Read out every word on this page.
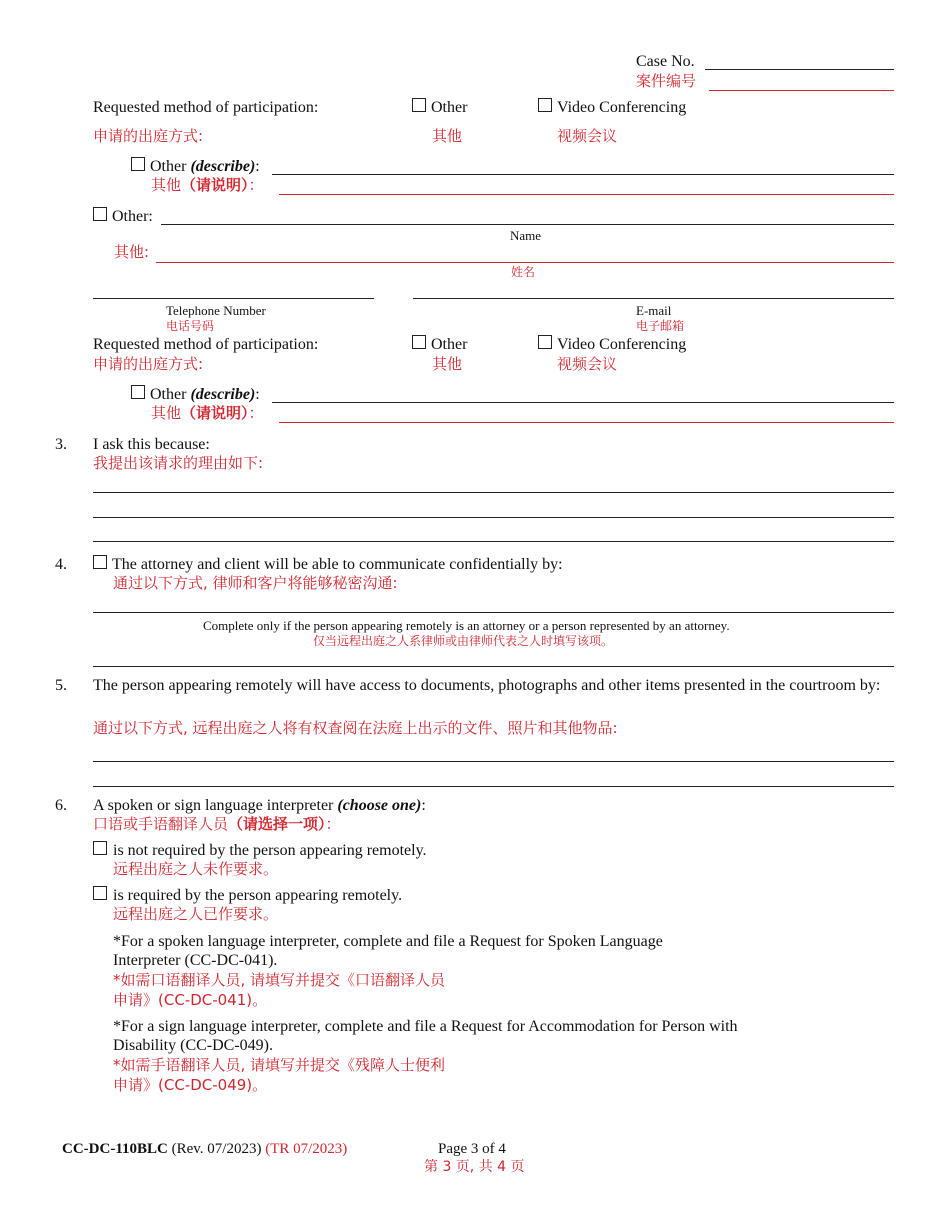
Case No.
案件编号
Requested method of participation:	Other	Video Conferencing
申请的出庭方式:	其他	视频会议
Other (describe):
其他（请说明）：
Other:
Name
其他:
姓名
Telephone Number
电话号码
E-mail
电子邮箱
Requested method of participation:	Other	Video Conferencing
申请的出庭方式:	其他	视频会议
Other (describe):
其他（请说明）：
3. I ask this because:
我提出该请求的理由如下:
4.	The attorney and client will be able to communicate confidentially by:
通过以下方式, 律师和客户将能够秘密沟通:
Complete only if the person appearing remotely is an attorney or a person represented by an attorney.
仅当远程出庭之人系律师或由律师代表之人时填写该项。
5. The person appearing remotely will have access to documents, photographs and other items presented in the courtroom by:
通过以下方式, 远程出庭之人将有权查阅在法庭上出示的文件、照片和其他物品:
6. A spoken or sign language interpreter (choose one):
口语或手语翻译人员（请选择一项）：
is not required by the person appearing remotely.
远程出庭之人未作要求。
is required by the person appearing remotely.
远程出庭之人已作要求。
*For a spoken language interpreter, complete and file a Request for Spoken Language
Interpreter (CC-DC-041).
*如需口语翻译人员, 请填写并提交《口语翻译人员
申请》(CC-DC-041)。
*For a sign language interpreter, complete and file a Request for Accommodation for Person with
Disability (CC-DC-049).
*如需手语翻译人员, 请填写并提交《残障人士便利
申请》(CC-DC-049)。
CC-DC-110BLC (Rev. 07/2023) (TR 07/2023)	Page 3 of 4
第 3 页, 共 4 页
